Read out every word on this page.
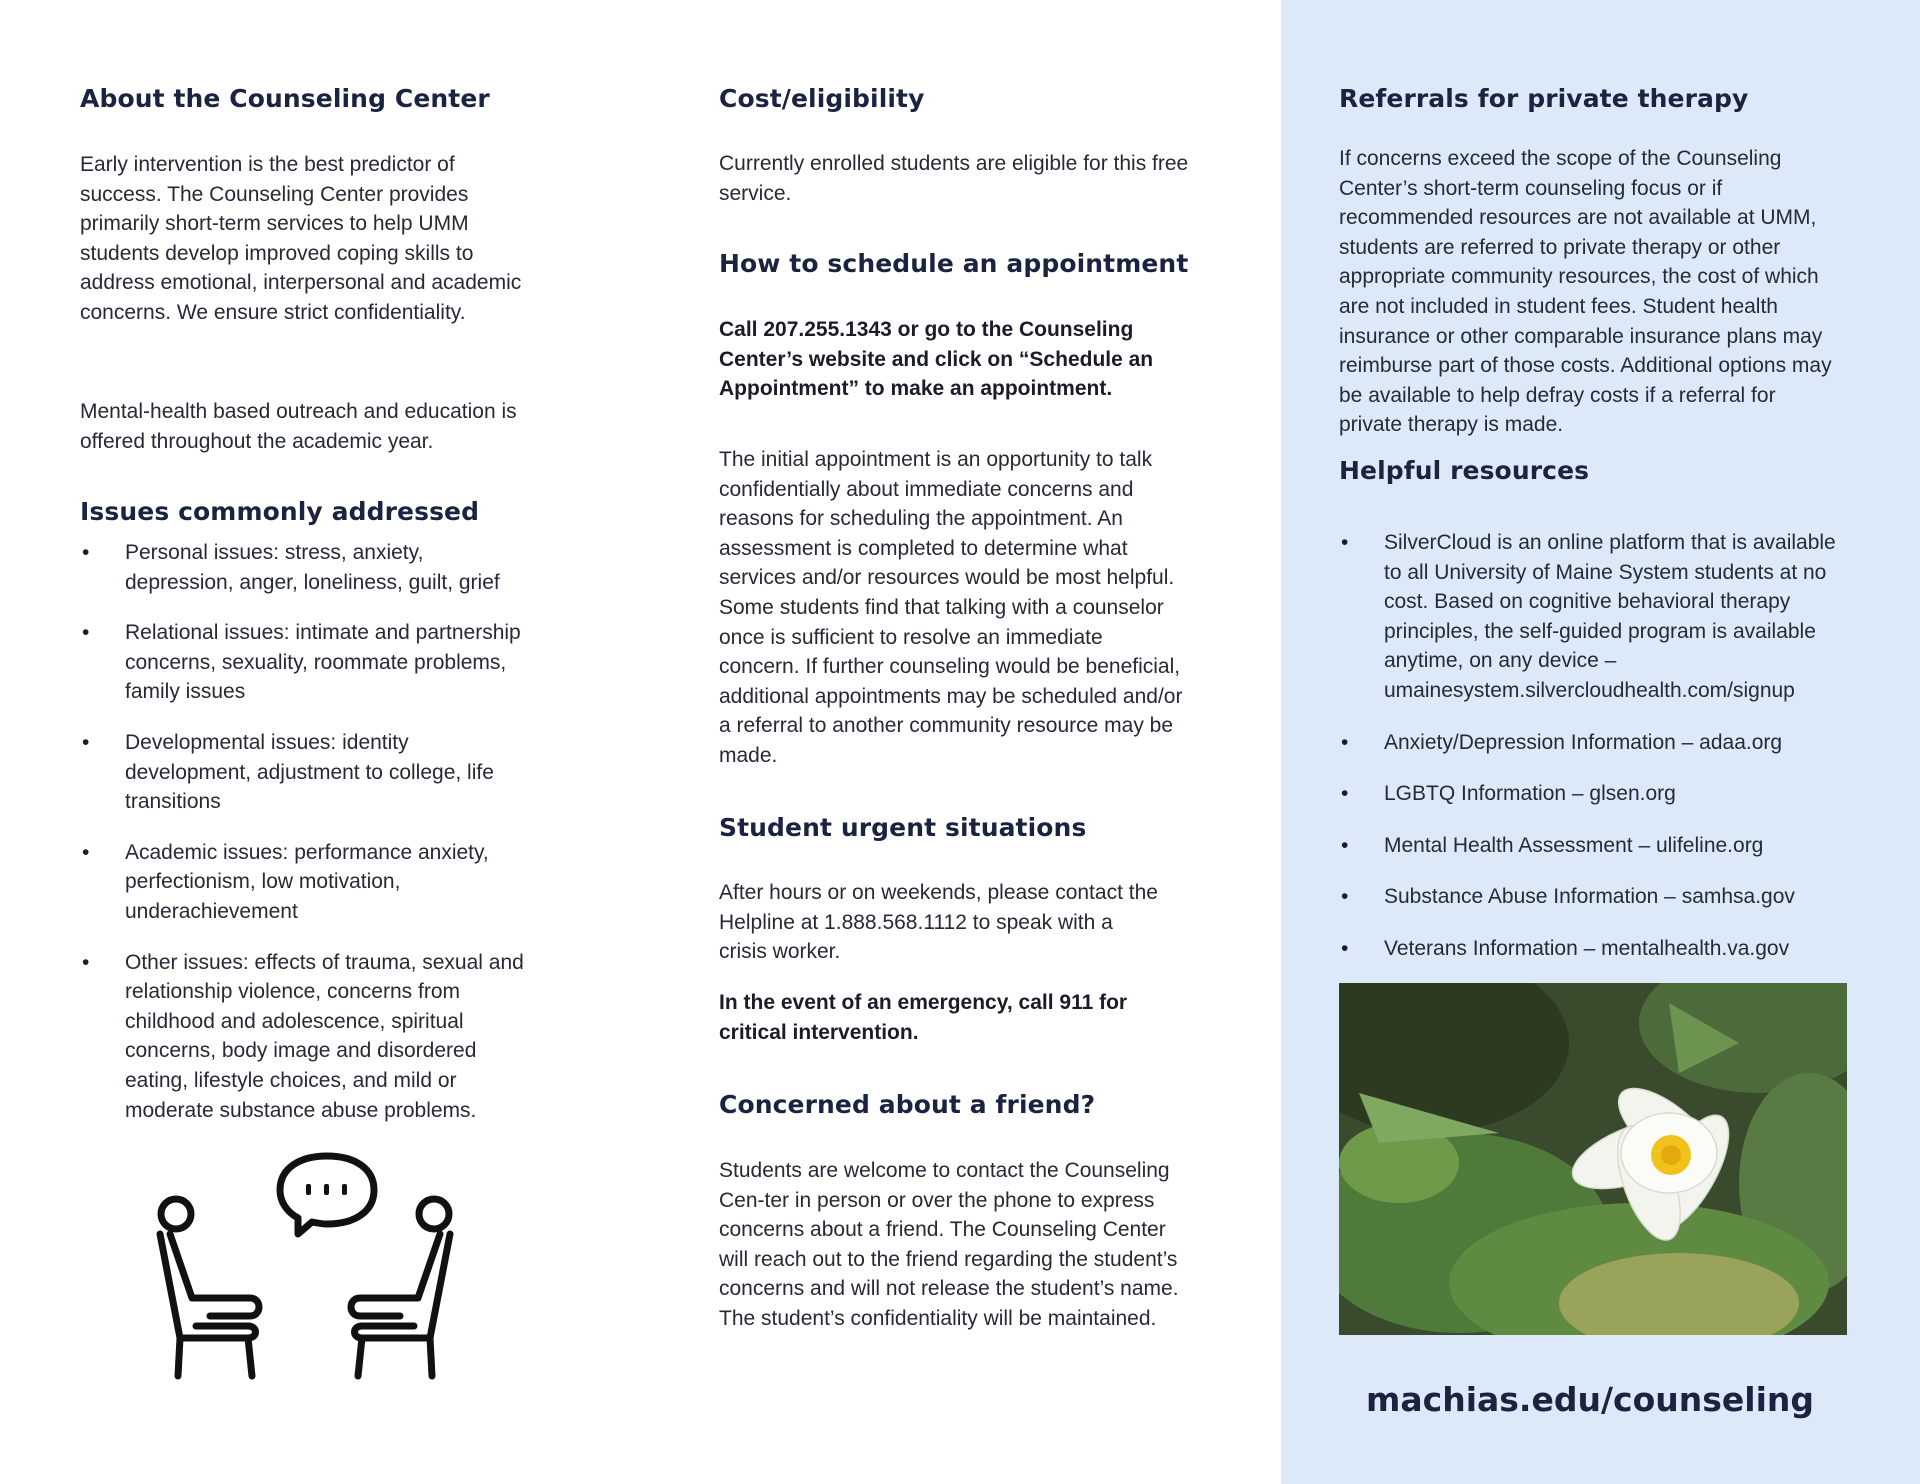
About the Counseling Center

Early intervention is the best predictor of success. The Counseling Center provides primarily short-term services to help UMM students develop improved coping skills to address emotional, interpersonal and academic concerns. We ensure strict confidentiality.

Mental-health based outreach and education is offered throughout the academic year.

Issues commonly addressed
• Personal issues: stress, anxiety, depression, anger, loneliness, guilt, grief
• Relational issues: intimate and partnership concerns, sexuality, roommate problems, family issues
• Developmental issues: identity development, adjustment to college, life transitions
• Academic issues: performance anxiety, perfectionism, low motivation, underachievement
• Other issues: effects of trauma, sexual and relationship violence, concerns from childhood and adolescence, spiritual concerns, body image and disordered eating, lifestyle choices, and mild or moderate substance abuse problems.
Cost/eligibility

Currently enrolled students are eligible for this free service.

How to schedule an appointment

Call 207.255.1343 or go to the Counseling Center’s website and click on “Schedule an Appointment” to make an appointment.

The initial appointment is an opportunity to talk confidentially about immediate concerns and reasons for scheduling the appointment. An assessment is completed to determine what services and/or resources would be most helpful. Some students find that talking with a counselor once is sufficient to resolve an immediate concern. If further counseling would be beneficial, additional appointments may be scheduled and/or a referral to another community resource may be made.

Student urgent situations

After hours or on weekends, please contact the Helpline at 1.888.568.1112 to speak with a crisis worker.

In the event of an emergency, call 911 for critical intervention.

Concerned about a friend?

Students are welcome to contact the Counseling Cen-ter in person or over the phone to express concerns about a friend. The Counseling Center will reach out to the friend regarding the student’s concerns and will not release the student’s name. The student’s confidentiality will be maintained.

Referrals for private therapy

If concerns exceed the scope of the Counseling Center’s short-term counseling focus or if recommended resources are not available at UMM, students are referred to private therapy or other appropriate community resources, the cost of which are not included in student fees. Student health insurance or other comparable insurance plans may reimburse part of those costs. Additional options may be available to help defray costs if a referral for private therapy is made.

Helpful resources
• SilverCloud is an online platform that is available to all University of Maine System students at no cost. Based on cognitive behavioral therapy principles, the self-guided program is available anytime, on any device – umainesystem.silvercloudhealth.com/signup
• Anxiety/Depression Information – adaa.org
• LGBTQ Information – glsen.org
• Mental Health Assessment – ulifeline.org
• Substance Abuse Information – samhsa.gov
• Veterans Information – mentalhealth.va.gov
machias.edu/counseling
